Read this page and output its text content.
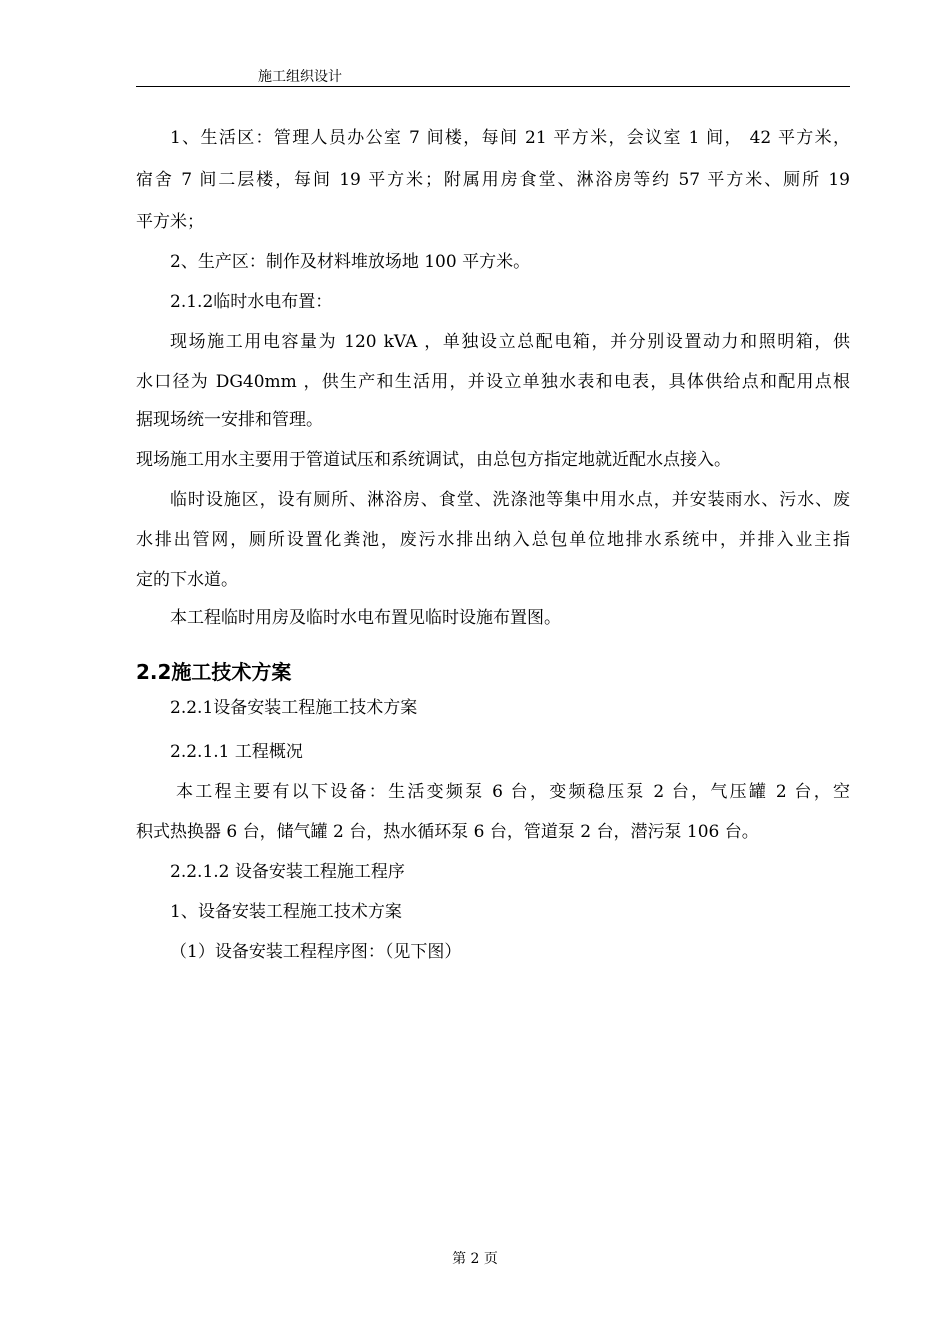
施工组织设计
1、生活区：管理人员办公室 7 间楼，每间 21 平方米，会议室 1 间， 42 平方米，
宿舍 7 间二层楼，每间 19 平方米；附属用房食堂、淋浴房等约 57 平方米、厕所 19
平方米；
2、生产区：制作及材料堆放场地 100 平方米。
2.1.2临时水电布置：
现场施工用电容量为 120 kVA ，单独设立总配电箱，并分别设置动力和照明箱，供
水口径为 DG40mm ，供生产和生活用，并设立单独水表和电表，具体供给点和配用点根
据现场统一安排和管理。
现场施工用水主要用于管道试压和系统调试，由总包方指定地就近配水点接入。
临时设施区，设有厕所、淋浴房、食堂、洗涤池等集中用水点，并安装雨水、污水、废
水排出管网，厕所设置化粪池，废污水排出纳入总包单位地排水系统中，并排入业主指
定的下水道。
本工程临时用房及临时水电布置见临时设施布置图。
2.2施工技术方案
2.2.1设备安装工程施工技术方案
2.2.1.1 工程概况
本工程主要有以下设备：生活变频泵 6 台，变频稳压泵 2 台，气压罐 2 台，空
积式热换器 6 台，储气罐 2 台，热水循环泵 6 台，管道泵 2 台，潜污泵 106 台。
2.2.1.2 设备安装工程施工程序
1、设备安装工程施工技术方案
（1）设备安装工程程序图：（见下图）
第 2 页
